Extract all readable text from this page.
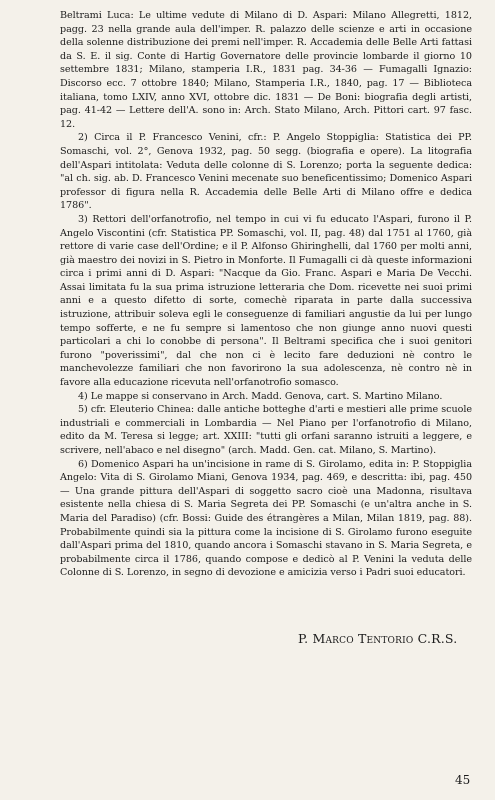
Beltrami Luca: Le ultime vedute di Milano di D. Aspari: Milano Allegretti, 1812, pagg. 23 nella grande aula dell'imper. R. palazzo delle scienze e arti in occasione della solenne distribuzione dei premi nell'imper. R. Accademia delle Belle Arti fattasi da S. E. il sig. Conte di Hartig Governatore delle provincie lombarde il giorno 10 settembre 1831; Milano, stamperia I.R., 1831 pag. 34-36 — Fumagalli Ignazio: Discorso ecc. 7 ottobre 1840; Milano, Stamperia I.R., 1840, pag. 17 — Biblioteca italiana, tomo LXIV, anno XVI, ottobre dic. 1831 — De Boni: biografia degli artisti, pag. 41-42 — Lettere dell'A. sono in: Arch. Stato Milano, Arch. Pittori cart. 97 fasc. 12.

2) Circa il P. Francesco Venini, cfr.: P. Angelo Stoppiglia: Statistica dei PP. Somaschi, vol. 2°, Genova 1932, pag. 50 segg. (biografia e opere). La litografia dell'Aspari intitolata: Veduta delle colonne di S. Lorenzo; porta la seguente dedica: "al ch. sig. ab. D. Francesco Venini mecenate suo beneficentissimo; Domenico Aspari professor di figura nella R. Accademia delle Belle Arti di Milano offre e dedica 1786".

3) Rettori dell'orfanotrofio, nel tempo in cui vi fu educato l'Aspari, furono il P. Angelo Viscontini (cfr. Statistica PP. Somaschi, vol. II, pag. 48) dal 1751 al 1760, già rettore di varie case dell'Ordine; e il P. Alfonso Ghiringhelli, dal 1760 per molti anni, già maestro dei novizi in S. Pietro in Monforte. Il Fumagalli ci dà queste informazioni circa i primi anni di D. Aspari: "Nacque da Gio. Franc. Aspari e Maria De Vecchi. Assai limitata fu la sua prima istruzione letteraria che Dom. ricevette nei suoi primi anni e a questo difetto di sorte, comechè riparata in parte dalla successiva istruzione, attribuir soleva egli le conseguenze di familiari angustie da lui per lungo tempo sofferte, e ne fu sempre si lamentoso che non giunge anno nuovi questi particolari a chi lo conobbe di persona". Il Beltrami specifica che i suoi genitori furono "poverissimi", dal che non ci è lecito fare deduzioni nè contro le manchevolezze familiari che non favorirono la sua adolescenza, nè contro nè in favore alla educazione ricevuta nell'orfanotrofio somasco.

4) Le mappe si conservano in Arch. Madd. Genova, cart. S. Martino Milano.

5) cfr. Eleuterio Chinea: dalle antiche botteghe d'arti e mestieri alle prime scuole industriali e commerciali in Lombardia — Nel Piano per l'orfanotrofio di Milano, edito da M. Teresa si legge; art. XXIII: "tutti gli orfani saranno istruiti a leggere, e scrivere, nell'abaco e nel disegno" (arch. Madd. Gen. cat. Milano, S. Martino).

6) Domenico Aspari ha un'incisione in rame di S. Girolamo, edita in: P. Stoppiglia Angelo: Vita di S. Girolamo Miani, Genova 1934, pag. 469, e descritta: ibi, pag. 450 — Una grande pittura dell'Aspari di soggetto sacro cioè una Madonna, risultava esistente nella chiesa di S. Maria Segreta dei PP. Somaschi (e un'altra anche in S. Maria del Paradiso) (cfr. Bossi: Guide des étrangères a Milan, Milan 1819, pag. 88). Probabilmente quindi sia la pittura come la incisione di S. Girolamo furono eseguite dall'Aspari prima del 1810, quando ancora i Somaschi stavano in S. Maria Segreta, e probabilmente circa il 1786, quando compose e dedicò al P. Venini la veduta delle Colonne di S. Lorenzo, in segno di devozione e amicizia verso i Padri suoi educatori.

P. Marco Tentorio C.R.S.
45
